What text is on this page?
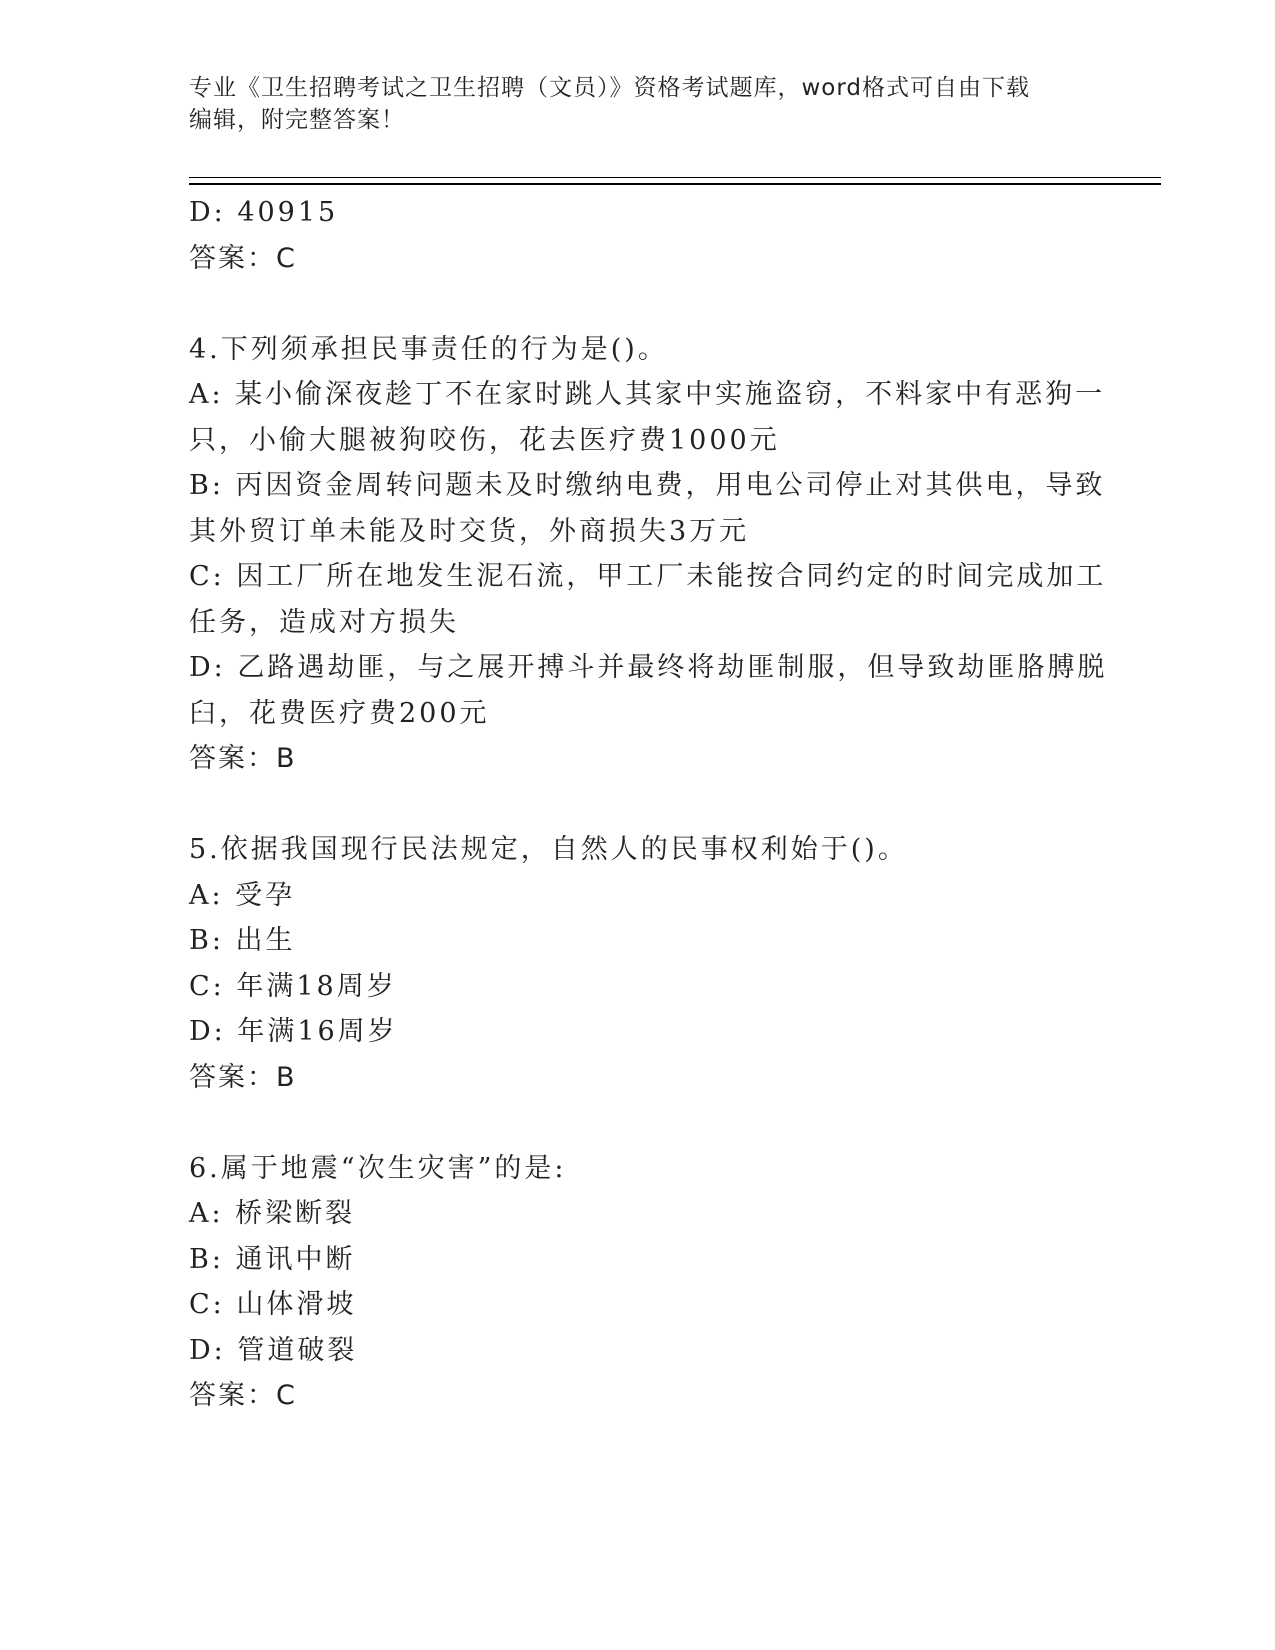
专业《卫生招聘考试之卫生招聘（文员）》资格考试题库，word格式可自由下载
编辑，附完整答案！
D: 40915
答案：C
4.下列须承担民事责任的行为是()。
A: 某小偷深夜趁丁不在家时跳人其家中实施盗窃，不料家中有恶狗一
只，小偷大腿被狗咬伤，花去医疗费1000元
B: 丙因资金周转问题未及时缴纳电费，用电公司停止对其供电，导致
其外贸订单未能及时交货，外商损失3万元
C: 因工厂所在地发生泥石流，甲工厂未能按合同约定的时间完成加工
任务，造成对方损失
D: 乙路遇劫匪，与之展开搏斗并最终将劫匪制服，但导致劫匪胳膊脱
臼，花费医疗费200元
答案：B
5.依据我国现行民法规定，自然人的民事权利始于()。
A: 受孕
B: 出生
C: 年满18周岁
D: 年满16周岁
答案：B
6.属于地震“次生灾害”的是:
A: 桥梁断裂
B: 通讯中断
C: 山体滑坡
D: 管道破裂
答案：C
